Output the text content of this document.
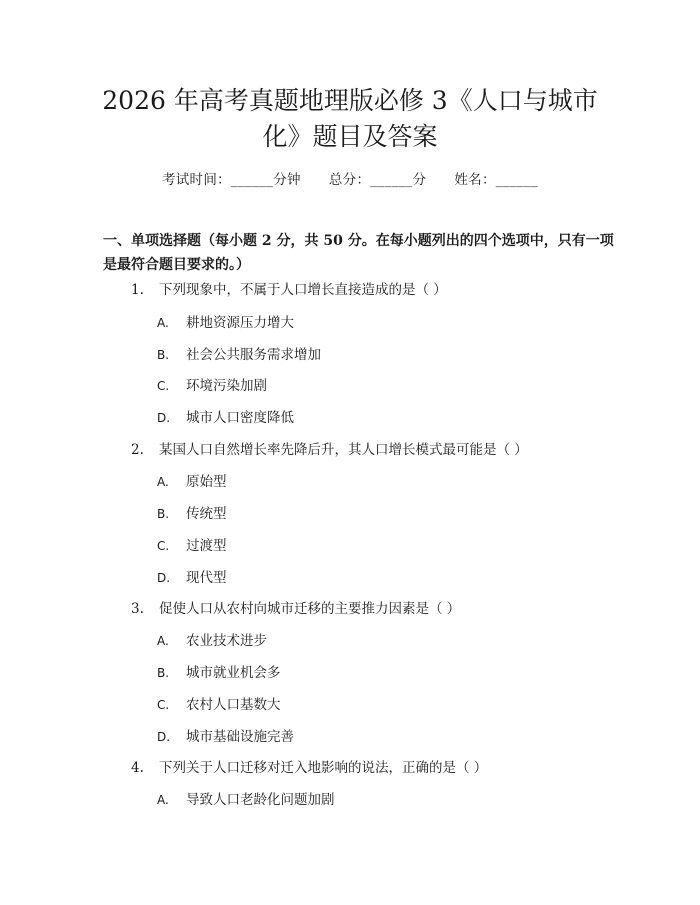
2026 年高考真题地理版必修 3《人口与城市
化》题目及答案
考试时间：______分钟 总分：______分 姓名：______
一、单项选择题（每小题 2 分，共 50 分。在每小题列出的四个选项中，只有一项
是最符合题目要求的。）
1. 下列现象中，不属于人口增长直接造成的是（ ）
A. 耕地资源压力增大
B. 社会公共服务需求增加
C. 环境污染加剧
D. 城市人口密度降低
2. 某国人口自然增长率先降后升，其人口增长模式最可能是（ ）
A. 原始型
B. 传统型
C. 过渡型
D. 现代型
3. 促使人口从农村向城市迁移的主要推力因素是（ ）
A. 农业技术进步
B. 城市就业机会多
C. 农村人口基数大
D. 城市基础设施完善
4. 下列关于人口迁移对迁入地影响的说法，正确的是（ ）
A. 导致人口老龄化问题加剧
